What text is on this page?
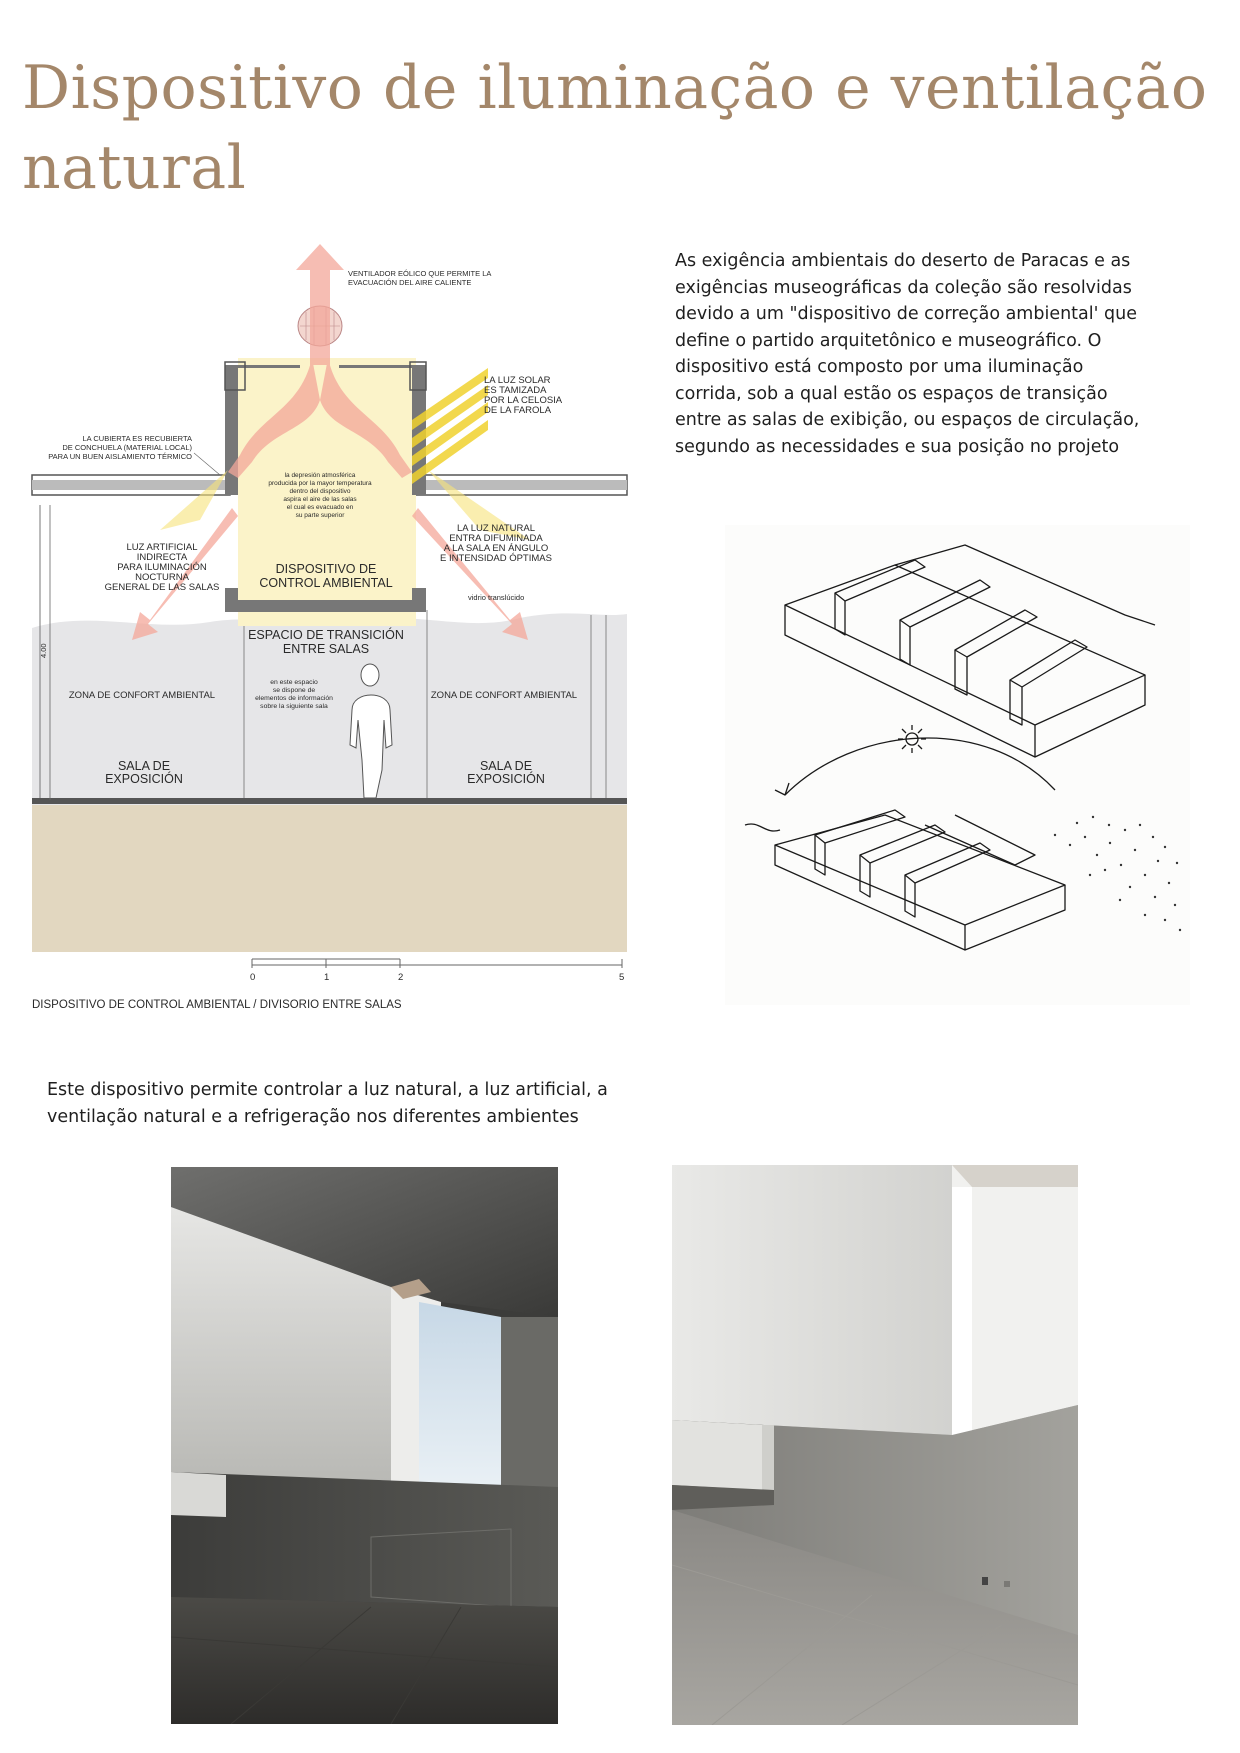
Dispositivo de iluminação e ventilação natural

As exigência ambientais do deserto de Paracas e as exigências museográficas da coleção são resolvidas devido a um "dispositivo de correção ambiental' que define o partido arquitetônico e museográfico. O dispositivo está composto por uma iluminação corrida, sob a qual estão os espaços de transição entre as salas de exibição, ou espaços de circulação, segundo as necessidades e sua posição no projeto

4.00
VENTILADOR EÓLICO QUE PERMITE LA
EVACUACIÓN DEL AIRE CALIENTE
LA LUZ SOLAR
ES TAMIZADA
POR LA CELOSIA
DE LA FAROLA
LA CUBIERTA ES RECUBIERTA
DE CONCHUELA (MATERIAL LOCAL)
PARA UN BUEN AISLAMIENTO TÉRMICO
la depresión atmosférica
producida por la mayor temperatura
dentro del dispositivo
aspira el aire de las salas
el cual es evacuado en
su parte superior
LA LUZ NATURAL
ENTRA DIFUMINADA
A LA SALA EN ÁNGULO
E INTENSIDAD ÓPTIMAS
LUZ ARTIFICIAL
INDIRECTA
PARA ILUMINACIÓN
NOCTURNA
GENERAL DE LAS SALAS
DISPOSITIVO DE
CONTROL AMBIENTAL
vidrio translúcido
ESPACIO DE TRANSICIÓN
ENTRE SALAS
en este espacio
se dispone de
elementos de información
sobre la siguiente sala
ZONA DE CONFORT AMBIENTAL	ZONA DE CONFORT AMBIENTAL
SALA DE
EXPOSICIÓN
SALA DE
EXPOSICIÓN
0	1	2	5
DISPOSITIVO DE CONTROL AMBIENTAL / DIVISORIO ENTRE SALAS

Este dispositivo permite controlar a luz natural, a luz artificial, a ventilação natural e a refrigeração nos diferentes ambientes
